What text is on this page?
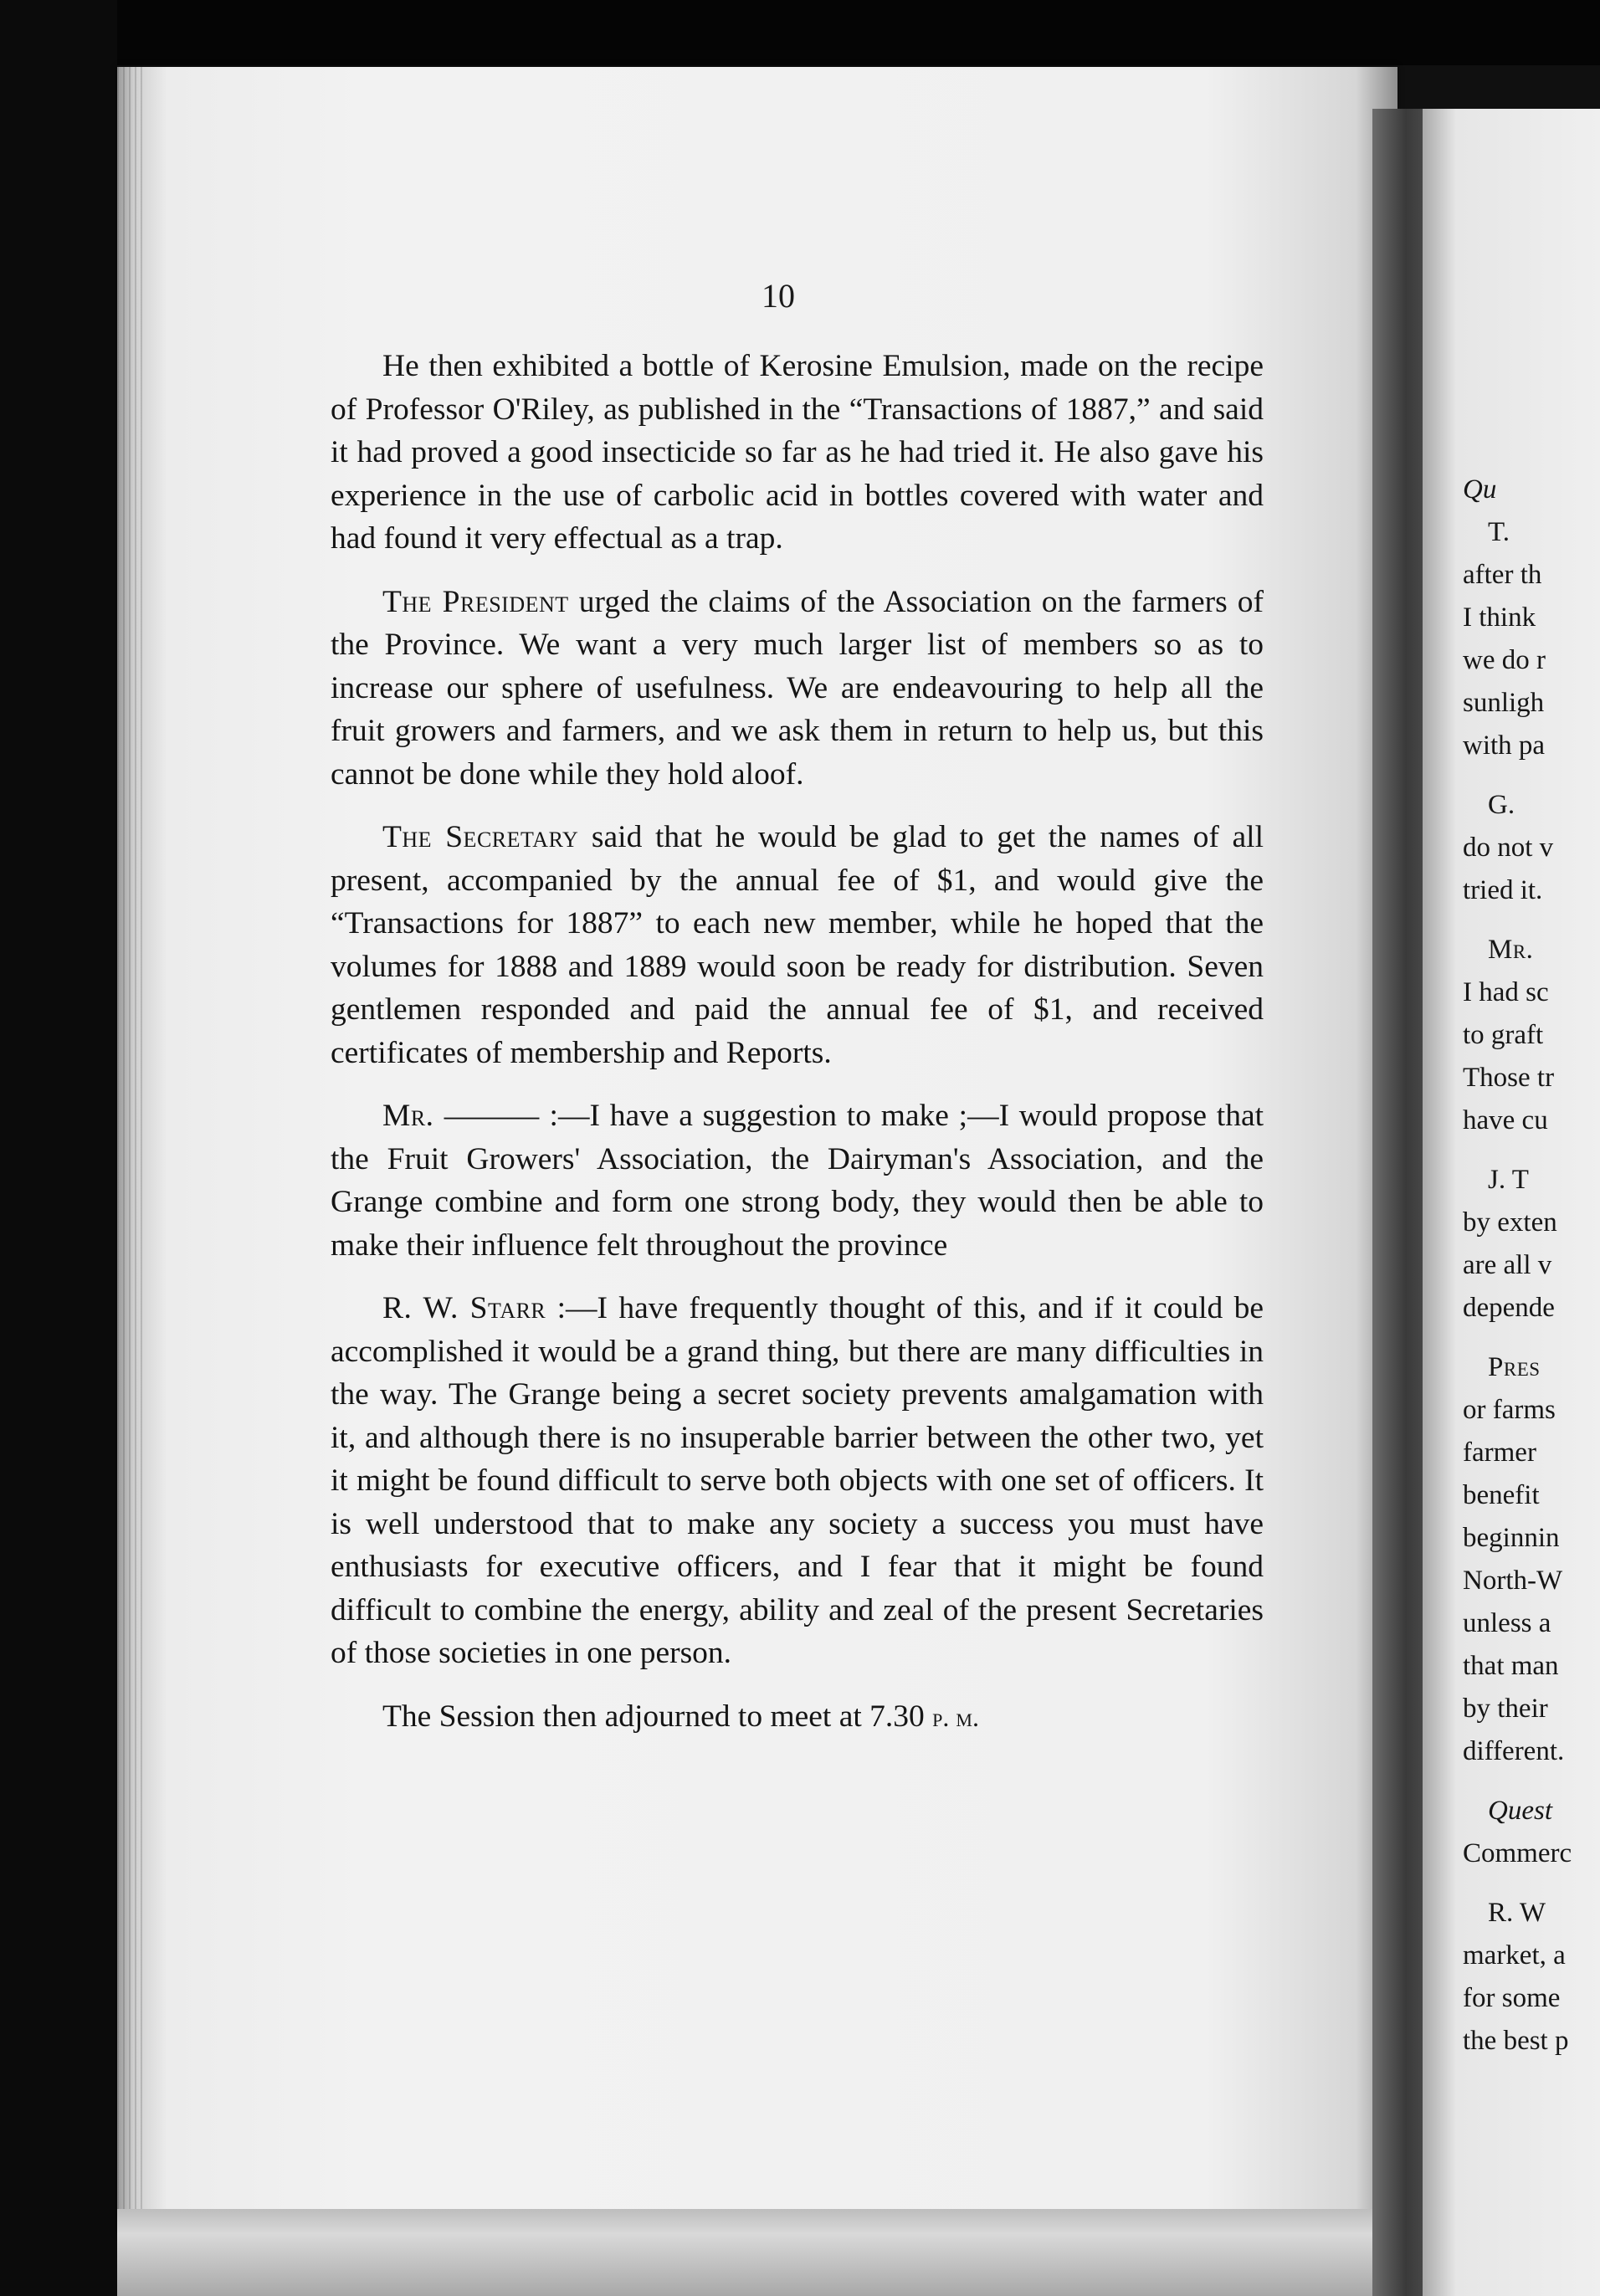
10

He then exhibited a bottle of Kerosine Emulsion, made on the recipe of Professor O'Riley, as published in the “Transactions of 1887,” and said it had proved a good insecticide so far as he had tried it. He also gave his experience in the use of carbolic acid in bottles covered with water and had found it very effectual as a trap.

The President urged the claims of the Association on the farmers of the Province. We want a very much larger list of members so as to increase our sphere of usefulness. We are endeavouring to help all the fruit growers and farmers, and we ask them in return to help us, but this cannot be done while they hold aloof.

The Secretary said that he would be glad to get the names of all present, accompanied by the annual fee of $1, and would give the “Transactions for 1887” to each new member, while he hoped that the volumes for 1888 and 1889 would soon be ready for distribution. Seven gentlemen responded and paid the annual fee of $1, and received certificates of membership and Reports.

Mr. ——— :—I have a suggestion to make ;—I would propose that the Fruit Growers' Association, the Dairyman's Association, and the Grange combine and form one strong body, they would then be able to make their influence felt throughout the province

R. W. Starr :—I have frequently thought of this, and if it could be accomplished it would be a grand thing, but there are many difficulties in the way. The Grange being a secret society prevents amalgamation with it, and although there is no insuperable barrier between the other two, yet it might be found difficult to serve both objects with one set of officers. It is well understood that to make any society a success you must have enthusiasts for executive officers, and I fear that it might be found difficult to combine the energy, ability and zeal of the present Secretaries of those societies in one person.

The Session then adjourned to meet at 7.30 p. m.

Qu
T.
after th
I think
we do r
sunligh
with pa
G.
do not v
tried it.
Mr.
I had sc
to graft
Those tr
have cu
J. T
by exten
are all v
depende
Pres
or farms
farmer
benefit
beginnin
North-W
unless a
that man
by their
different.
Quest
Commerc
R. W
market, a
for some
the best p
